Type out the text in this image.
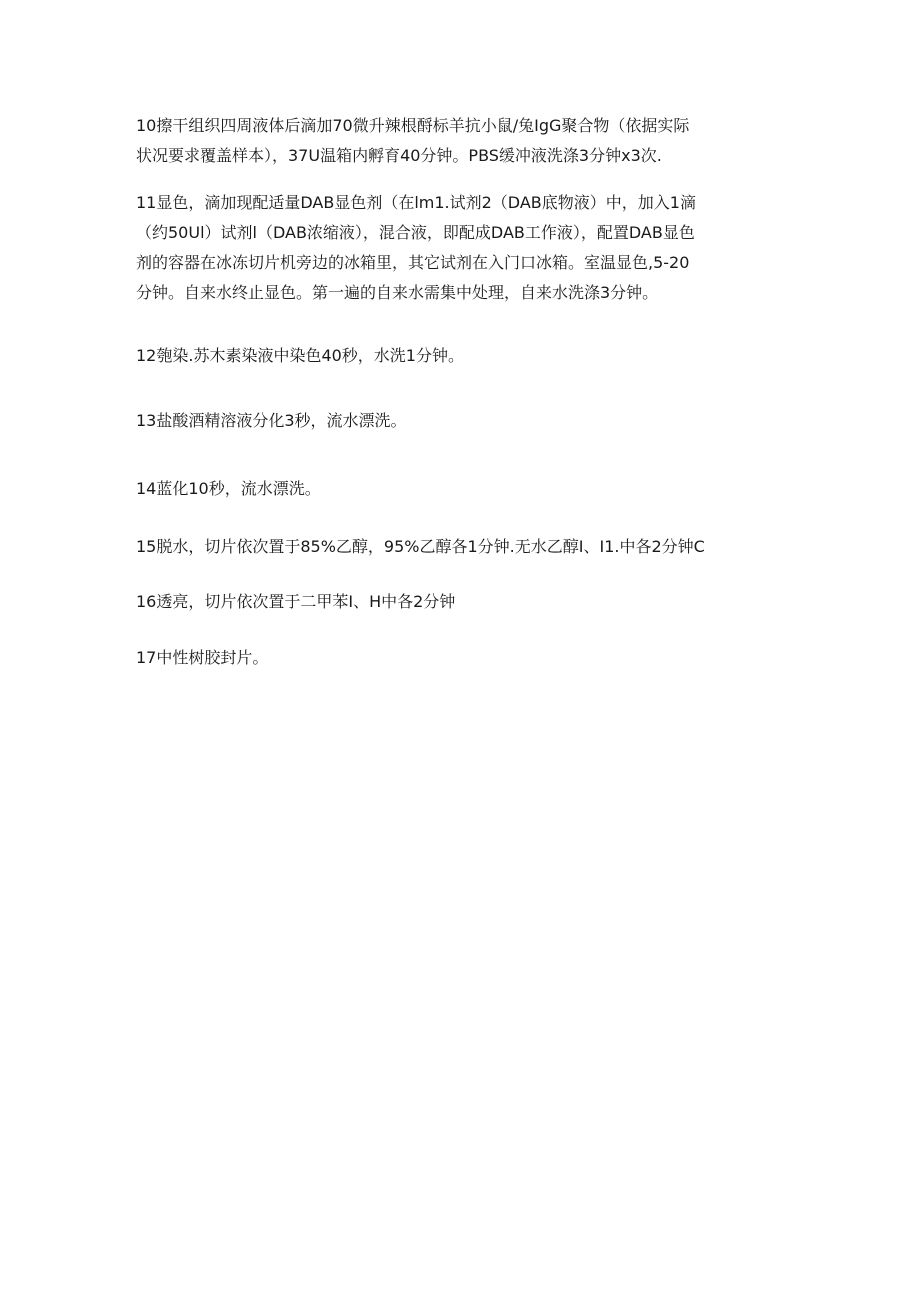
10擦干组织四周液体后滴加70微升辣根酹标羊抗小鼠/兔IgG聚合物（依据实际
状况要求覆盖样本），37U温箱内孵育40分钟。PBS缓冲液洗涤3分钟x3次.

11显色，滴加现配适量DAB显色剂（在lm1.试剂2（DAB底物液）中，加入1滴
（约50Ul）试剂l（DAB浓缩液），混合液，即配成DAB工作液），配置DAB显色
剂的容器在冰冻切片机旁边的冰箱里，其它试剂在入门口冰箱。室温显色,5-20
分钟。自来水终止显色。第一遍的自来水需集中处理，自来水洗涤3分钟。

12匏染.苏木素染液中染色40秒，水洗1分钟。

13盐酸酒精溶液分化3秒，流水漂洗。

14蓝化10秒，流水漂洗。

15脱水，切片依次置于85%乙醇，95%乙醇各1分钟.无水乙醇I、I1.中各2分钟C

16透亮，切片依次置于二甲苯I、H中各2分钟

17中性树胶封片。
